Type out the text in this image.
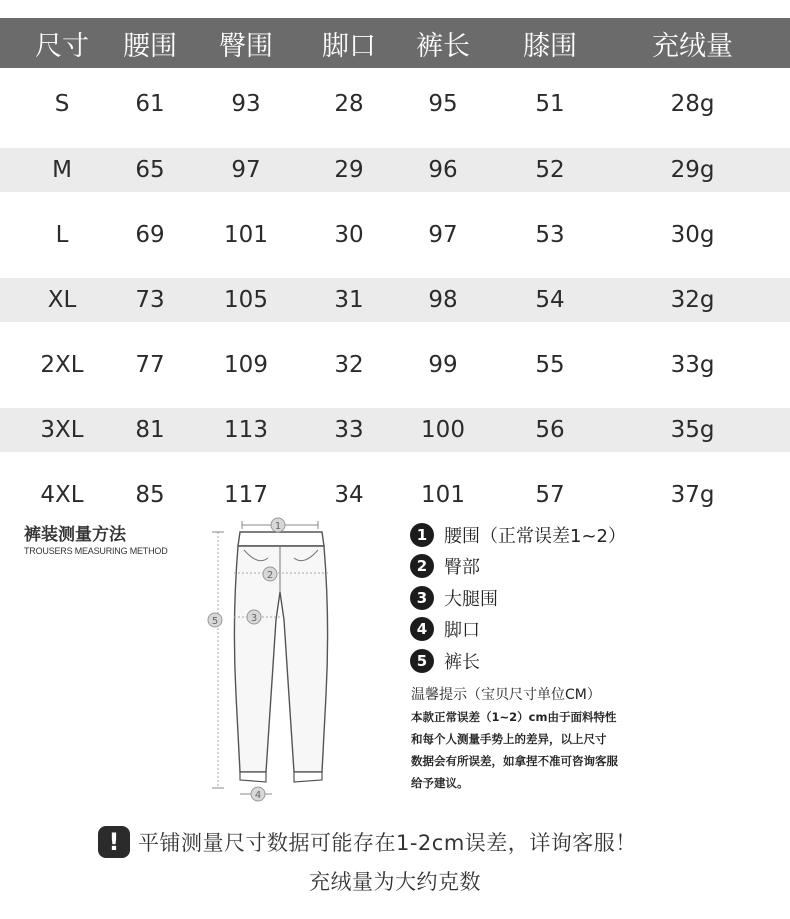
尺寸	腰围	臀围	脚口	裤长	膝围	充绒量
S	61	93	28	95	51	28g
M	65	97	29	96	52	29g
L	69	101	30	97	53	30g
XL	73	105	31	98	54	32g
2XL	77	109	32	99	55	33g
3XL	81	113	33	100	56	35g
4XL	85	117	34	101	57	37g
裤装测量方法
TROUSERS MEASURING METHOD
1
2
3
4
5
1 腰围（正常误差1~2）
2 臀部
3 大腿围
4 脚口
5 裤长
温馨提示（宝贝尺寸单位CM）
本款正常误差（1~2）cm由于面料特性
和每个人测量手势上的差异，以上尺寸
数据会有所误差，如拿捏不准可咨询客服
给予建议。
! 平铺测量尺寸数据可能存在1-2cm误差，详询客服！
充绒量为大约克数
